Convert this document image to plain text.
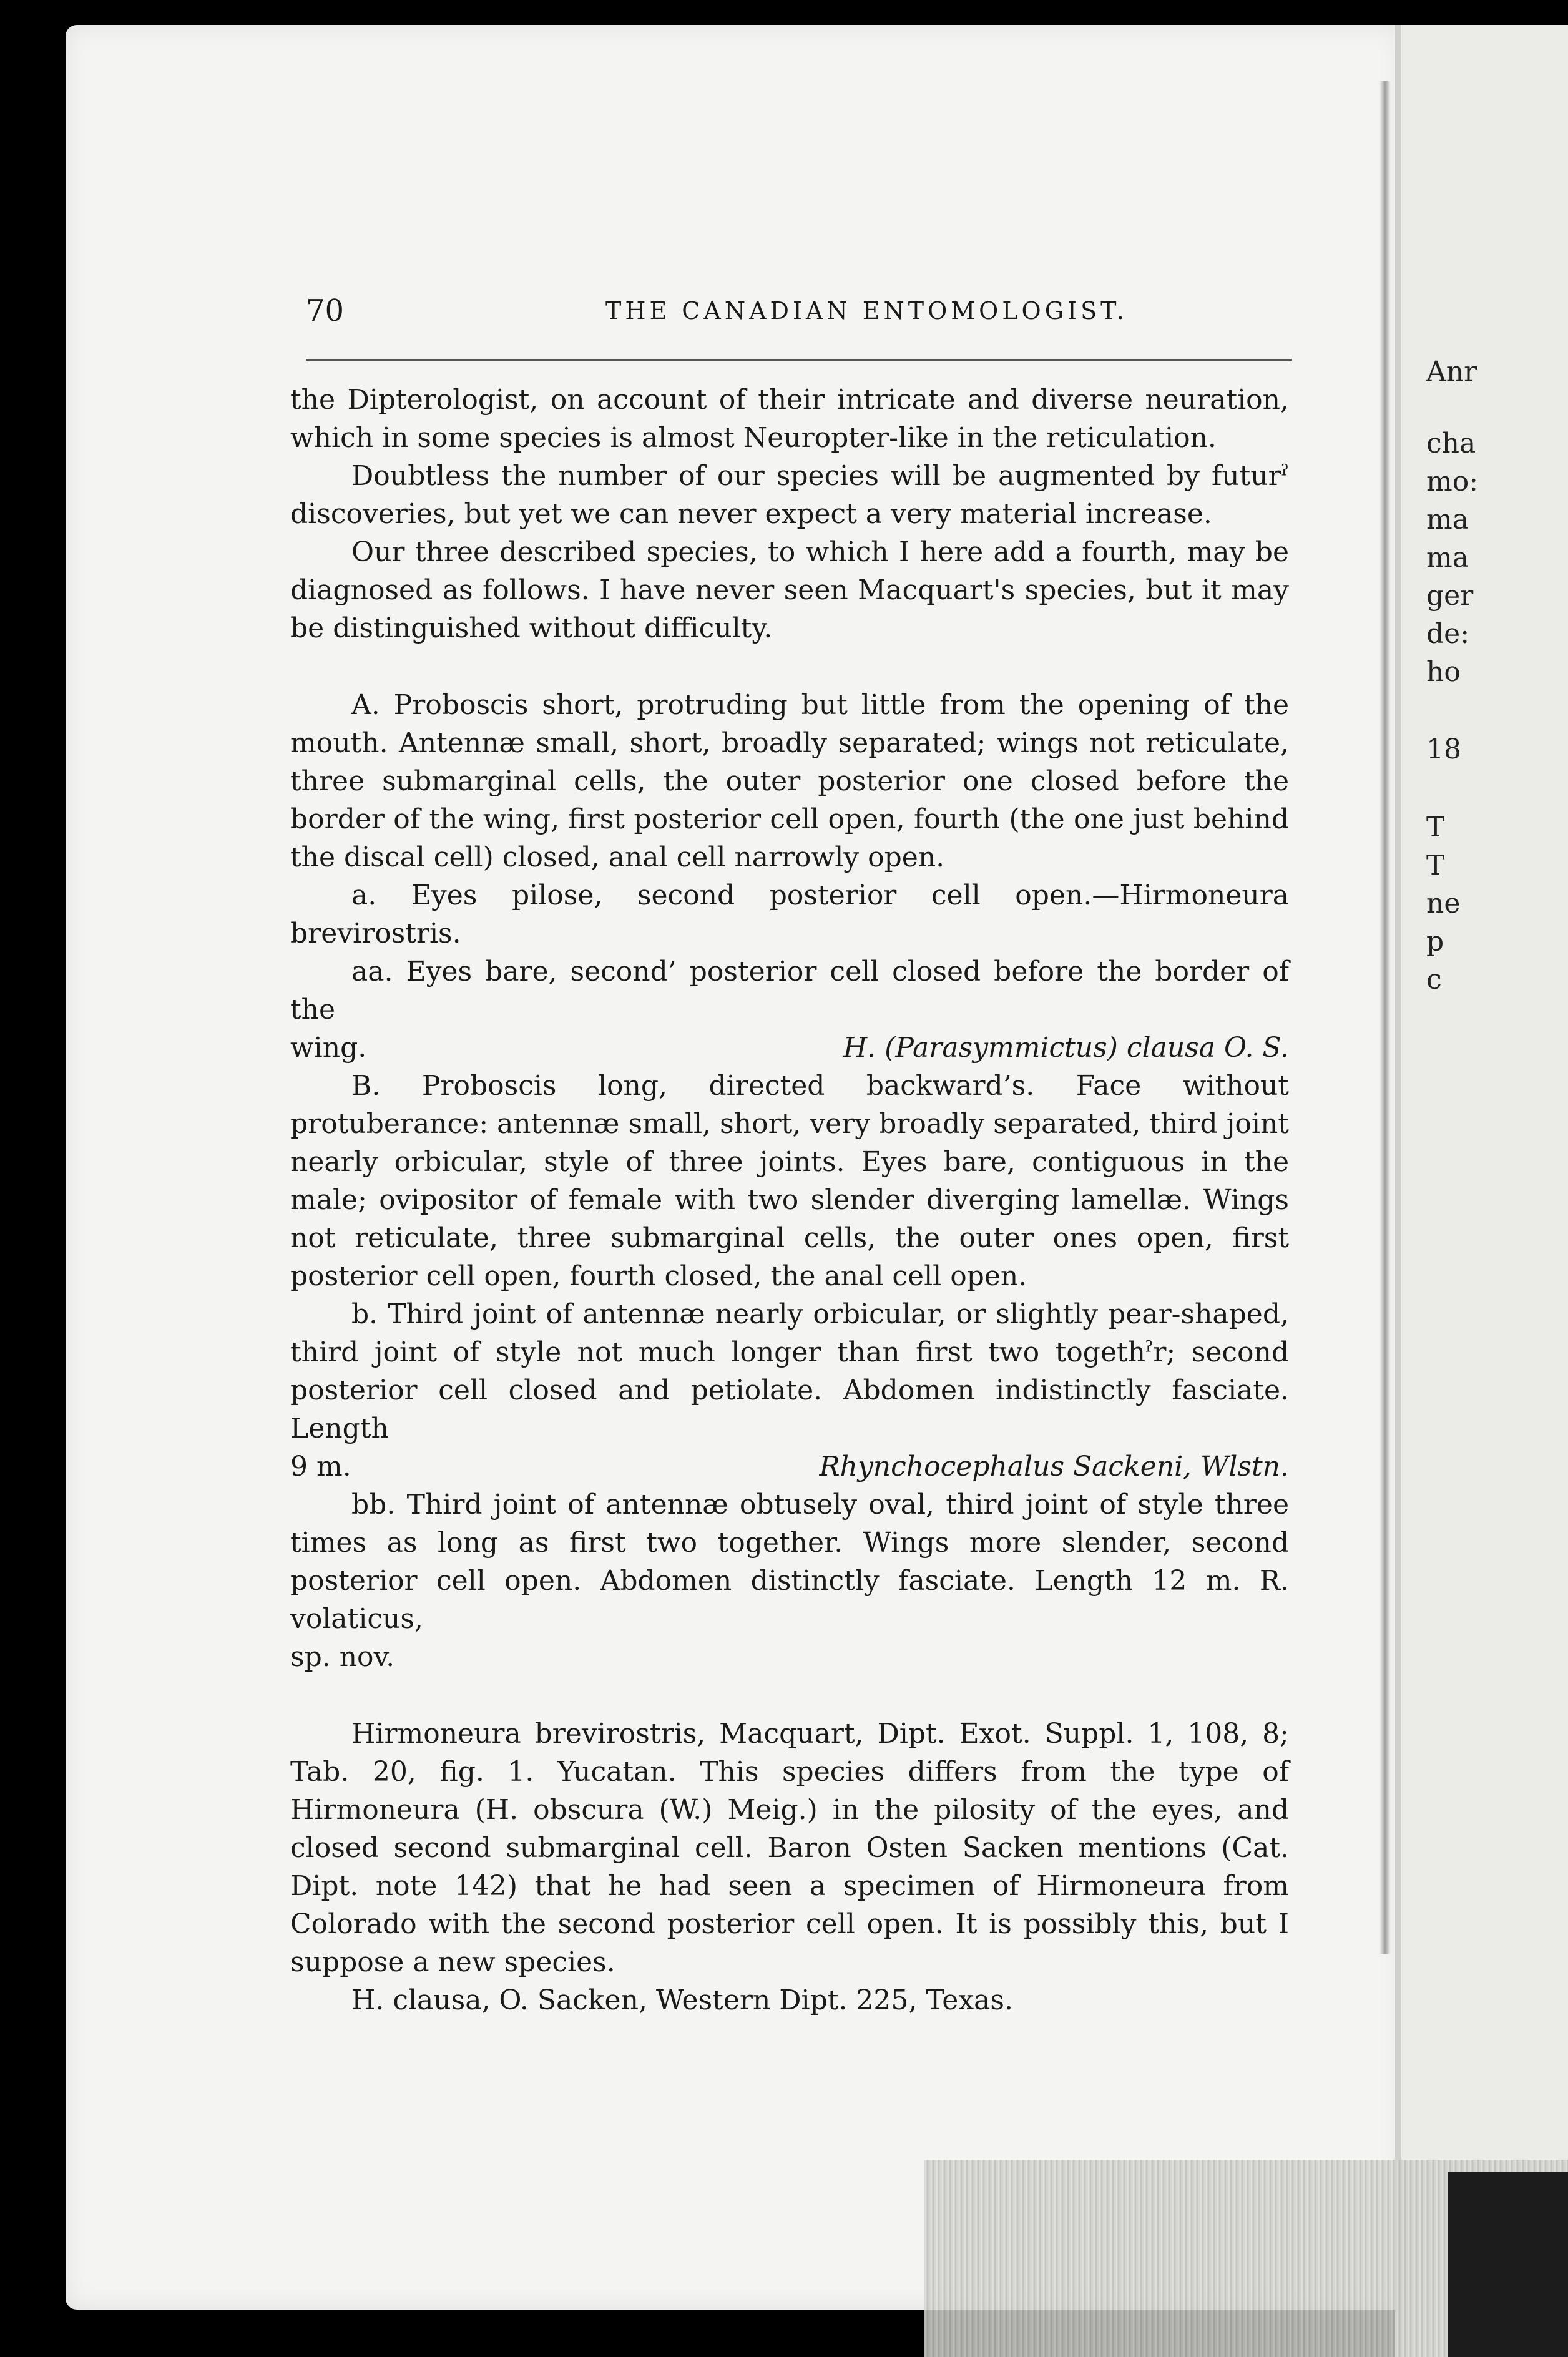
Anr
cha
mo:
ma
ma
ger
de:
ho
18
T
T
ne
p
c
70	THE CANADIAN ENTOMOLOGIST.

the Dipterologist, on account of their intricate and diverse neuration, which in some species is almost Neuropter-like in the reticulation.

Doubtless the number of our species will be augmented by futurˀ discoveries, but yet we can never expect a very material increase.

Our three described species, to which I here add a fourth, may be diagnosed as follows. I have never seen Macquart's species, but it may be distinguished without difficulty.

A. Proboscis short, protruding but little from the opening of the mouth. Antennæ small, short, broadly separated; wings not reticulate, three submarginal cells, the outer posterior one closed before the border of the wing, first posterior cell open, fourth (the one just behind the discal cell) closed, anal cell narrowly open.

a. Eyes pilose, second posterior cell open.—Hirmoneura brevirostris.

aa. Eyes bare, second’ posterior cell closed before the border of the

wing.	H. (Parasymmictus) clausa O. S.

B. Proboscis long, directed backward’s. Face without protuberance: antennæ small, short, very broadly separated, third joint nearly orbicular, style of three joints. Eyes bare, contiguous in the male; ovipositor of female with two slender diverging lamellæ. Wings not reticulate, three submarginal cells, the outer ones open, first posterior cell open, fourth closed, the anal cell open.

b. Third joint of antennæ nearly orbicular, or slightly pear-shaped, third joint of style not much longer than first two togethˀr; second posterior cell closed and petiolate. Abdomen indistinctly fasciate. Length

9 m.	Rhynchocephalus Sackeni, Wlstn.

bb. Third joint of antennæ obtusely oval, third joint of style three times as long as first two together. Wings more slender, second posterior cell open. Abdomen distinctly fasciate. Length 12 m. R. volaticus,

sp. nov.

Hirmoneura brevirostris, Macquart, Dipt. Exot. Suppl. 1, 108, 8; Tab. 20, fig. 1. Yucatan. This species differs from the type of Hirmoneura (H. obscura (W.) Meig.) in the pilosity of the eyes, and closed second submarginal cell. Baron Osten Sacken mentions (Cat. Dipt. note 142) that he had seen a specimen of Hirmoneura from Colorado with the second posterior cell open. It is possibly this, but I suppose a new species.

H. clausa, O. Sacken, Western Dipt. 225, Texas.
